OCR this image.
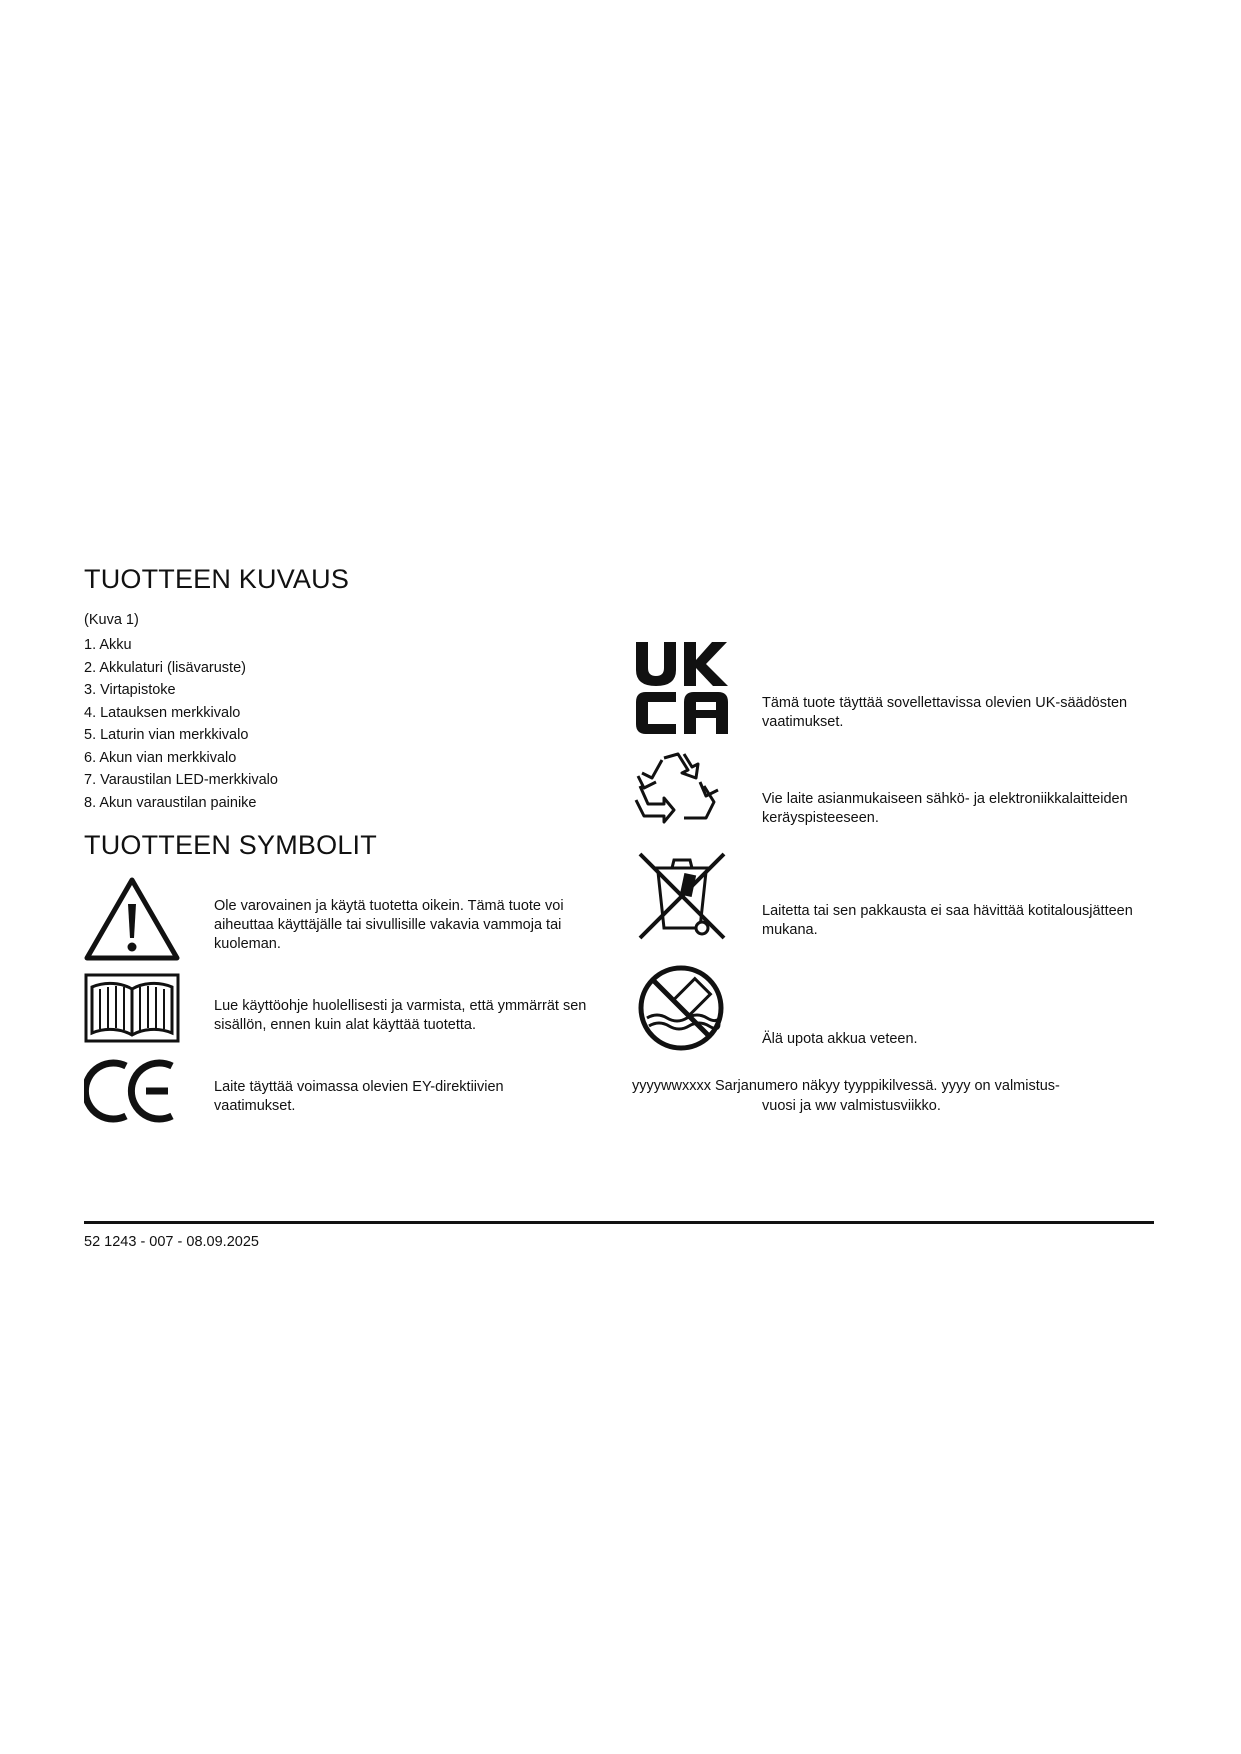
TUOTTEEN KUVAUS
(Kuva 1)
1. Akku
2. Akkulaturi (lisävaruste)
3. Virtapistoke
4. Latauksen merkkivalo
5. Laturin vian merkkivalo
6. Akun vian merkkivalo
7. Varaustilan LED-merkkivalo
8. Akun varaustilan painike
TUOTTEEN SYMBOLIT
Ole varovainen ja käytä tuotetta oikein. Tämä tuote voi aiheuttaa käyttäjälle tai sivullisille vakavia vammoja tai kuoleman.
Lue käyttöohje huolellisesti ja varmista, että ymmärrät sen sisällön, ennen kuin alat käyttää tuotetta.
Laite täyttää voimassa olevien EY-direktiivien vaatimukset.
Tämä tuote täyttää sovellettavissa olevien UK-säädösten vaatimukset.
Vie laite asianmukaiseen sähkö- ja elektroniikkalaitteiden keräyspisteeseen.
Laitetta tai sen pakkausta ei saa hävittää kotitalousjätteen mukana.
Älä upota akkua veteen.
yyyywwxxxx Sarjanumero näkyy tyyppikilvessä. yyyy on valmistus-
vuosi ja ww valmistusviikko.
52 1243 - 007 - 08.09.2025
